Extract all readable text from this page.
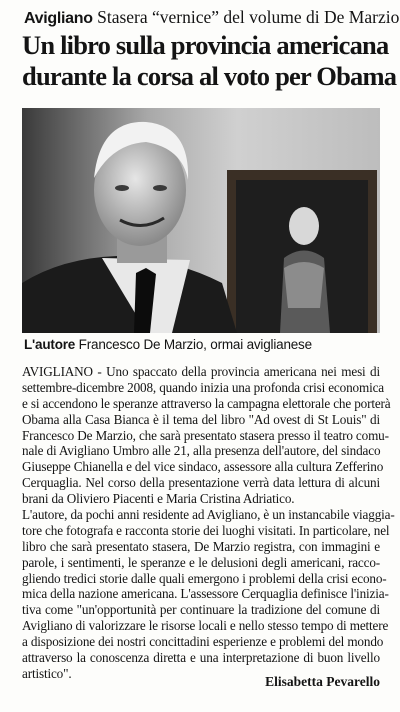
Avigliano Stasera “vernice” del volume di De Marzio
Un libro sulla provincia americana
durante la corsa al voto per Obama
L'autore Francesco De Marzio, ormai aviglianese
AVIGLIANO - Uno spaccato della provincia americana nei mesi di
settembre-dicembre 2008, quando inizia una profonda crisi economica
e si accendono le speranze attraverso la campagna elettorale che porterà
Obama alla Casa Bianca è il tema del libro "Ad ovest di St Louis" di
Francesco De Marzio, che sarà presentato stasera presso il teatro comu-
nale di Avigliano Umbro alle 21, alla presenza dell'autore, del sindaco
Giuseppe Chianella e del vice sindaco, assessore alla cultura Zefferino
Cerquaglia. Nel corso della presentazione verrà data lettura di alcuni
brani da Oliviero Piacenti e Maria Cristina Adriatico.
L'autore, da pochi anni residente ad Avigliano, è un instancabile viaggia-
tore che fotografa e racconta storie dei luoghi visitati. In particolare, nel
libro che sarà presentato stasera, De Marzio registra, con immagini e
parole, i sentimenti, le speranze e le delusioni degli americani, racco-
gliendo tredici storie dalle quali emergono i problemi della crisi econo-
mica della nazione americana. L'assessore Cerquaglia definisce l'inizia-
tiva come "un'opportunità per continuare la tradizione del comune di
Avigliano di valorizzare le risorse locali e nello stesso tempo di mettere
a disposizione dei nostri concittadini esperienze e problemi del mondo
attraverso la conoscenza diretta e una interpretazione di buon livello
artistico".
Elisabetta Pevarello
